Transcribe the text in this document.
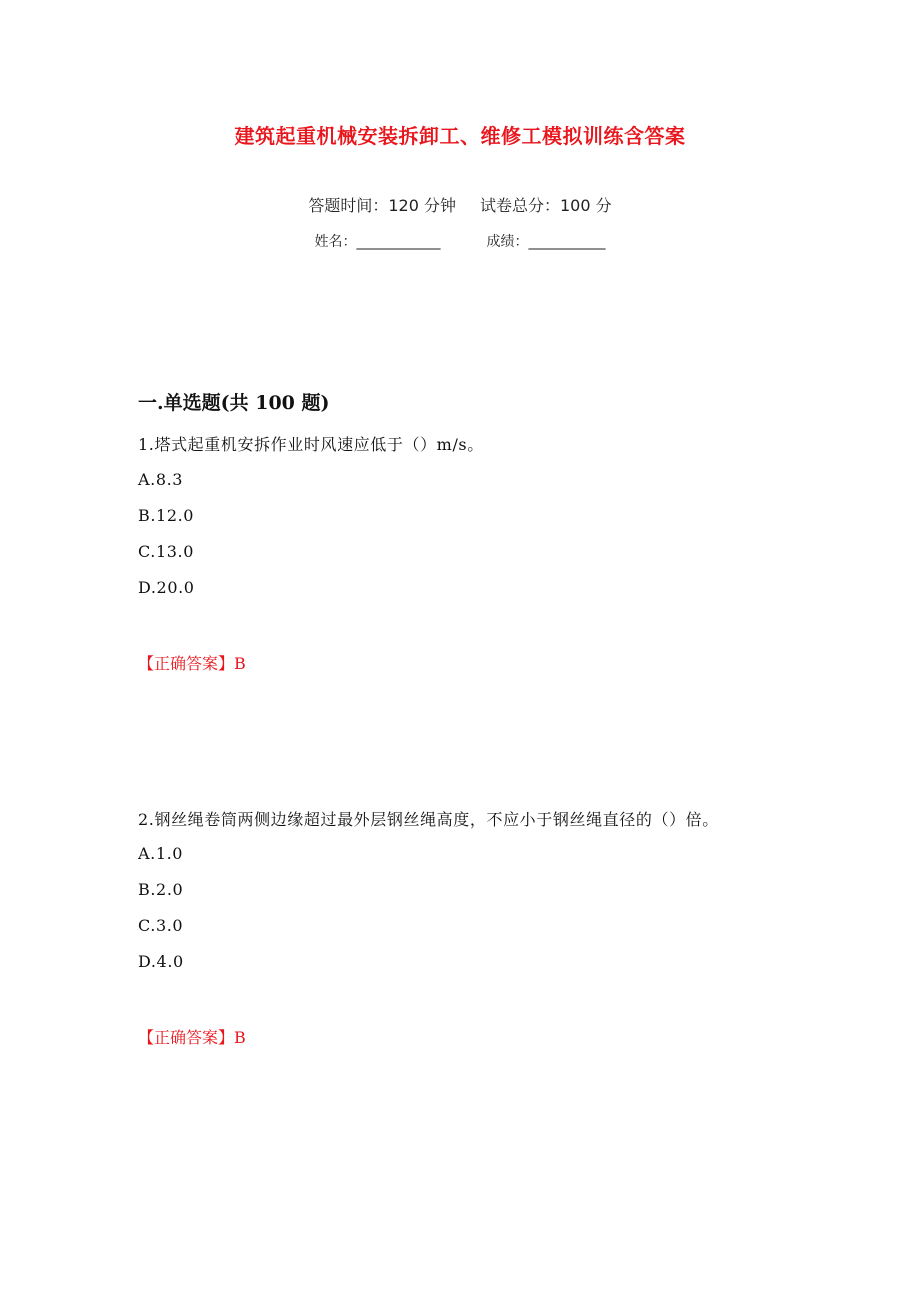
建筑起重机械安装拆卸工、维修工模拟训练含答案
答题时间：120 分钟 试卷总分：100 分
姓名：____________	成绩：___________
一.单选题(共 100 题)
1.塔式起重机安拆作业时风速应低于（）m/s。
A.8.3
B.12.0
C.13.0
D.20.0
【正确答案】B
2.钢丝绳卷筒两侧边缘超过最外层钢丝绳高度，不应小于钢丝绳直径的（）倍。
A.1.0
B.2.0
C.3.0
D.4.0
【正确答案】B
